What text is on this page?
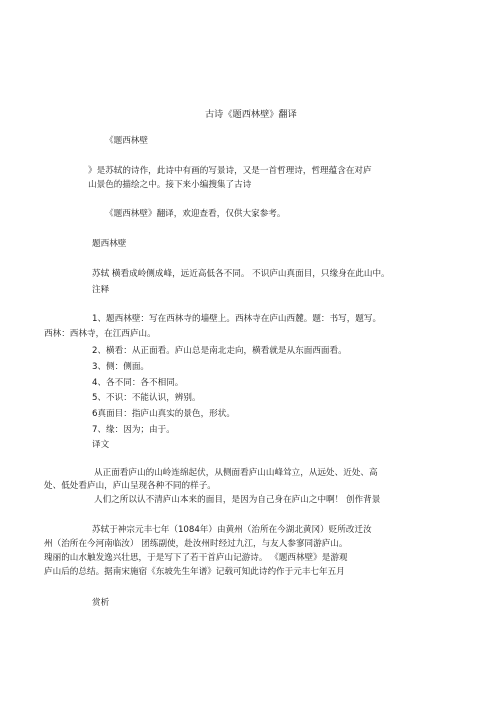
古诗《题西林壁》翻译
《题西林壁
》是苏轼的诗作，此诗中有画的写景诗，又是一首哲理诗，哲理蕴含在对庐
山景色的描绘之中。接下来小编搜集了古诗
《题西林壁》翻译，欢迎查看，仅供大家参考。
题西林壁
苏轼 横看成岭侧成峰，远近高低各不同。 不识庐山真面目，只缘身在此山中。
注释
1、题西林壁：写在西林寺的墙壁上。西林寺在庐山西麓。题：书写，题写。
西林：西林寺，在江西庐山。
2、横看：从正面看。庐山总是南北走向，横看就是从东面西面看。
3、侧：侧面。
4、各不同：各不相同。
5、不识：不能认识，辨别。
6真面目：指庐山真实的景色，形状。
7、缘：因为；由于。
译文
从正面看庐山的山岭连绵起伏，从侧面看庐山山峰耸立，从远处、近处、高
处、低处看庐山，庐山呈现各种不同的样子。
人们之所以认不清庐山本来的面目，是因为自己身在庐山之中啊！ 创作背景
苏轼于神宗元丰七年（1084年）由黄州（治所在今湖北黄冈）贬所改迁汝
州（治所在今河南临汝） 团练副使，赴汝州时经过九江，与友人参寥同游庐山。
瑰丽的山水触发逸兴壮思，于是写下了若干首庐山记游诗。 《题西林壁》是游观
庐山后的总结。据南宋施宿《东坡先生年谱》记载可知此诗约作于元丰七年五月
赏析
